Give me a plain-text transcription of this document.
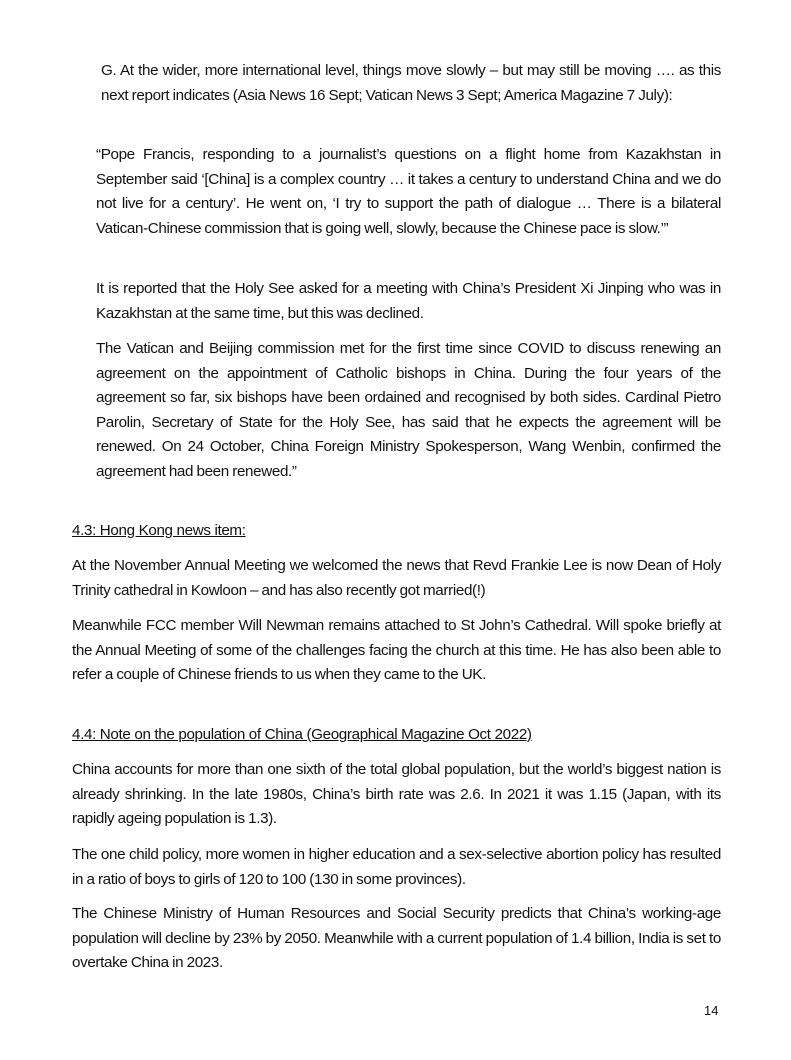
G. At the wider, more international level, things move slowly – but may still be moving …. as this next report indicates (Asia News 16 Sept; Vatican News 3 Sept; America Magazine 7 July):

“Pope Francis, responding to a journalist’s questions on a flight home from Kazakhstan in September said ‘[China] is a complex country … it takes a century to understand China and we do not live for a century’. He went on, ‘I try to support the path of dialogue … There is a bilateral Vatican-Chinese commission that is going well, slowly, because the Chinese pace is slow.’”

It is reported that the Holy See asked for a meeting with China’s President Xi Jinping who was in Kazakhstan at the same time, but this was declined.

The Vatican and Beijing commission met for the first time since COVID to discuss renewing an agreement on the appointment of Catholic bishops in China. During the four years of the agreement so far, six bishops have been ordained and recognised by both sides. Cardinal Pietro Parolin, Secretary of State for the Holy See, has said that he expects the agreement will be renewed. On 24 October, China Foreign Ministry Spokesperson, Wang Wenbin, confirmed the agreement had been renewed.”

4.3: Hong Kong news item:

At the November Annual Meeting we welcomed the news that Revd Frankie Lee is now Dean of Holy Trinity cathedral in Kowloon – and has also recently got married(!)

Meanwhile FCC member Will Newman remains attached to St John’s Cathedral. Will spoke briefly at the Annual Meeting of some of the challenges facing the church at this time. He has also been able to refer a couple of Chinese friends to us when they came to the UK.

4.4: Note on the population of China (Geographical Magazine Oct 2022)

China accounts for more than one sixth of the total global population, but the world’s biggest nation is already shrinking. In the late 1980s, China’s birth rate was 2.6. In 2021 it was 1.15 (Japan, with its rapidly ageing population is 1.3).

The one child policy, more women in higher education and a sex-selective abortion policy has resulted in a ratio of boys to girls of 120 to 100 (130 in some provinces).

The Chinese Ministry of Human Resources and Social Security predicts that China’s working-age population will decline by 23% by 2050. Meanwhile with a current population of 1.4 billion, India is set to overtake China in 2023.

14
